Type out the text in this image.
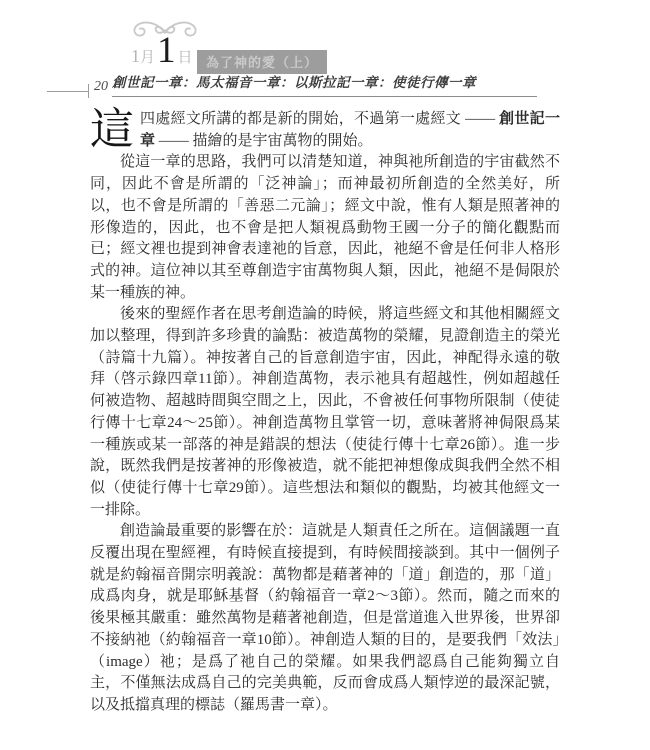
1 月 1 日	為了神的愛（上）
20 創世記一章：馬太福音一章：以斯拉記一章：使徒行傳一章

這四處經文所講的都是新的開始，不過第一處經文 —— 創世記一章 —— 描繪的是宇宙萬物的開始。

從這一章的思路，我們可以清楚知道，神與祂所創造的宇宙截然不同，因此不會是所謂的「泛神論」；而神最初所創造的全然美好，所以，也不會是所謂的「善惡二元論」；經文中說，惟有人類是照著神的形像造的，因此，也不會是把人類視爲動物王國一分子的簡化觀點而已；經文裡也提到神會表達祂的旨意，因此，祂絕不會是任何非人格形式的神。這位神以其至尊創造宇宙萬物與人類，因此，祂絕不是侷限於某一種族的神。

後來的聖經作者在思考創造論的時候，將這些經文和其他相關經文加以整理，得到許多珍貴的論點：被造萬物的榮耀，見證創造主的榮光（詩篇十九篇）。神按著自己的旨意創造宇宙，因此，神配得永遠的敬拜（啓示錄四章11節）。神創造萬物，表示祂具有超越性，例如超越任何被造物、超越時間與空間之上，因此，不會被任何事物所限制（使徒行傳十七章24～25節）。神創造萬物且掌管一切，意味著將神侷限爲某一種族或某一部落的神是錯誤的想法（使徒行傳十七章26節）。進一步說，既然我們是按著神的形像被造，就不能把神想像成與我們全然不相似（使徒行傳十七章29節）。這些想法和類似的觀點，均被其他經文一一排除。

創造論最重要的影響在於：這就是人類責任之所在。這個議題一直反覆出現在聖經裡，有時候直接提到，有時候間接談到。其中一個例子就是約翰福音開宗明義說：萬物都是藉著神的「道」創造的，那「道」成爲肉身，就是耶穌基督（約翰福音一章2～3節）。然而，隨之而來的後果極其嚴重：雖然萬物是藉著祂創造，但是當道進入世界後，世界卻不接納祂（約翰福音一章10節）。神創造人類的目的，是要我們「效法」（image）祂；是爲了祂自己的榮耀。如果我們認爲自己能夠獨立自主，不僅無法成爲自己的完美典範，反而會成爲人類悖逆的最深記號，以及抵擋真理的標誌（羅馬書一章）。
